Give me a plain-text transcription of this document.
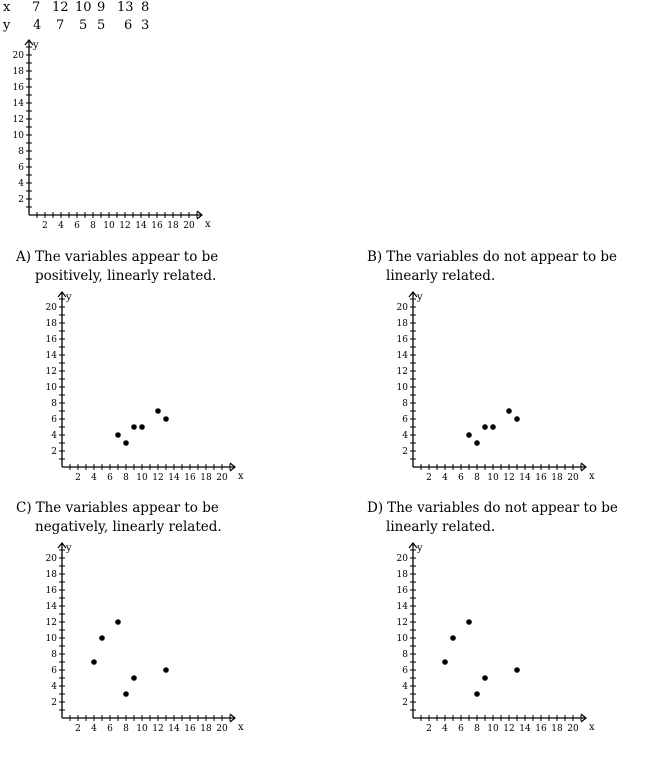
x 7 12 10 9 13 8
y 4 7 5 5 6 3
2 4 6 8 10 12 14 16 18 20
2
4
6
8
10
12
14
16
18
20
x
y
A) The variables appear to be
positively, linearly related.
2 4 6 8 10 12 14 16 18 20
2
4
6
8
10
12
14
16
18
20
x
y
B) The variables do not appear to be
linearly related.
2 4 6 8 10 12 14 16 18 20
2
4
6
8
10
12
14
16
18
20
x
y
C) The variables appear to be
negatively, linearly related.
2 4 6 8 10 12 14 16 18 20
2
4
6
8
10
12
14
16
18
20
x
y
D) The variables do not appear to be
linearly related.
2 4 6 8 10 12 14 16 18 20
2
4
6
8
10
12
14
16
18
20
x
y
